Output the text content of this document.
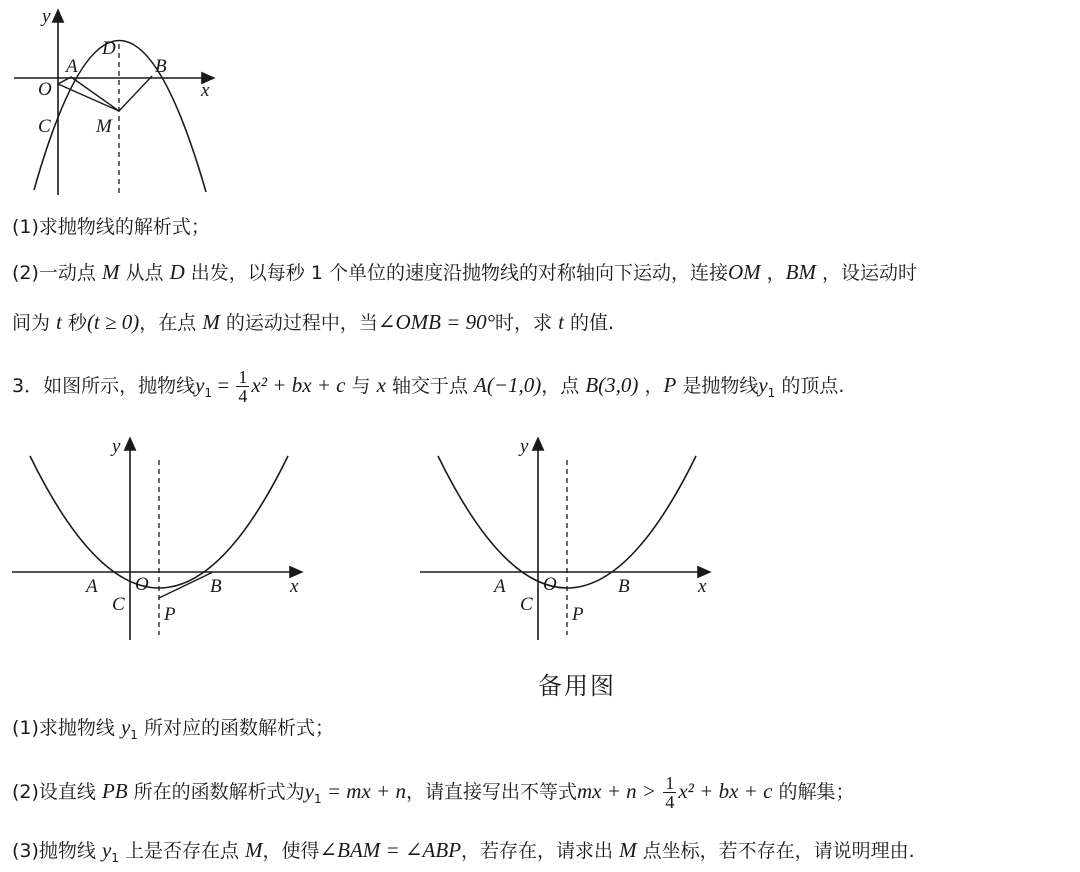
y
x
O
A	B
C
D
M
(1)求抛物线的解析式；
(2)一动点 M 从点 D 出发，以每秒 1 个单位的速度沿抛物线的对称轴向下运动，连接OM ，BM ，设运动时
间为 t 秒(t ≥ 0)，在点 M 的运动过程中，当∠OMB = 90°时，求 t 的值.
3．如图所示，抛物线$y_1 = \frac{1}{4} x^2$ + bx + c 与 x 轴交于点 A(−1,0)，点 B(3,0) ，P 是抛物线$y_1$ 的顶点.
y
x
A O	B
C P
y
x
A O	B
C P
备用图
(1)求抛物线 $y_1$ 所对应的函数解析式；
(2)设直线 PB 所在的函数解析式为$y_1$ = mx + n，请直接写出不等式mx + $n > \frac{1}{4} x^2$ + bx + c 的解集；
(3)抛物线 $y_1$ 上是否存在点 M，使得∠BAM = ∠ABP，若存在，请求出 M 点坐标，若不存在，请说明理由.
